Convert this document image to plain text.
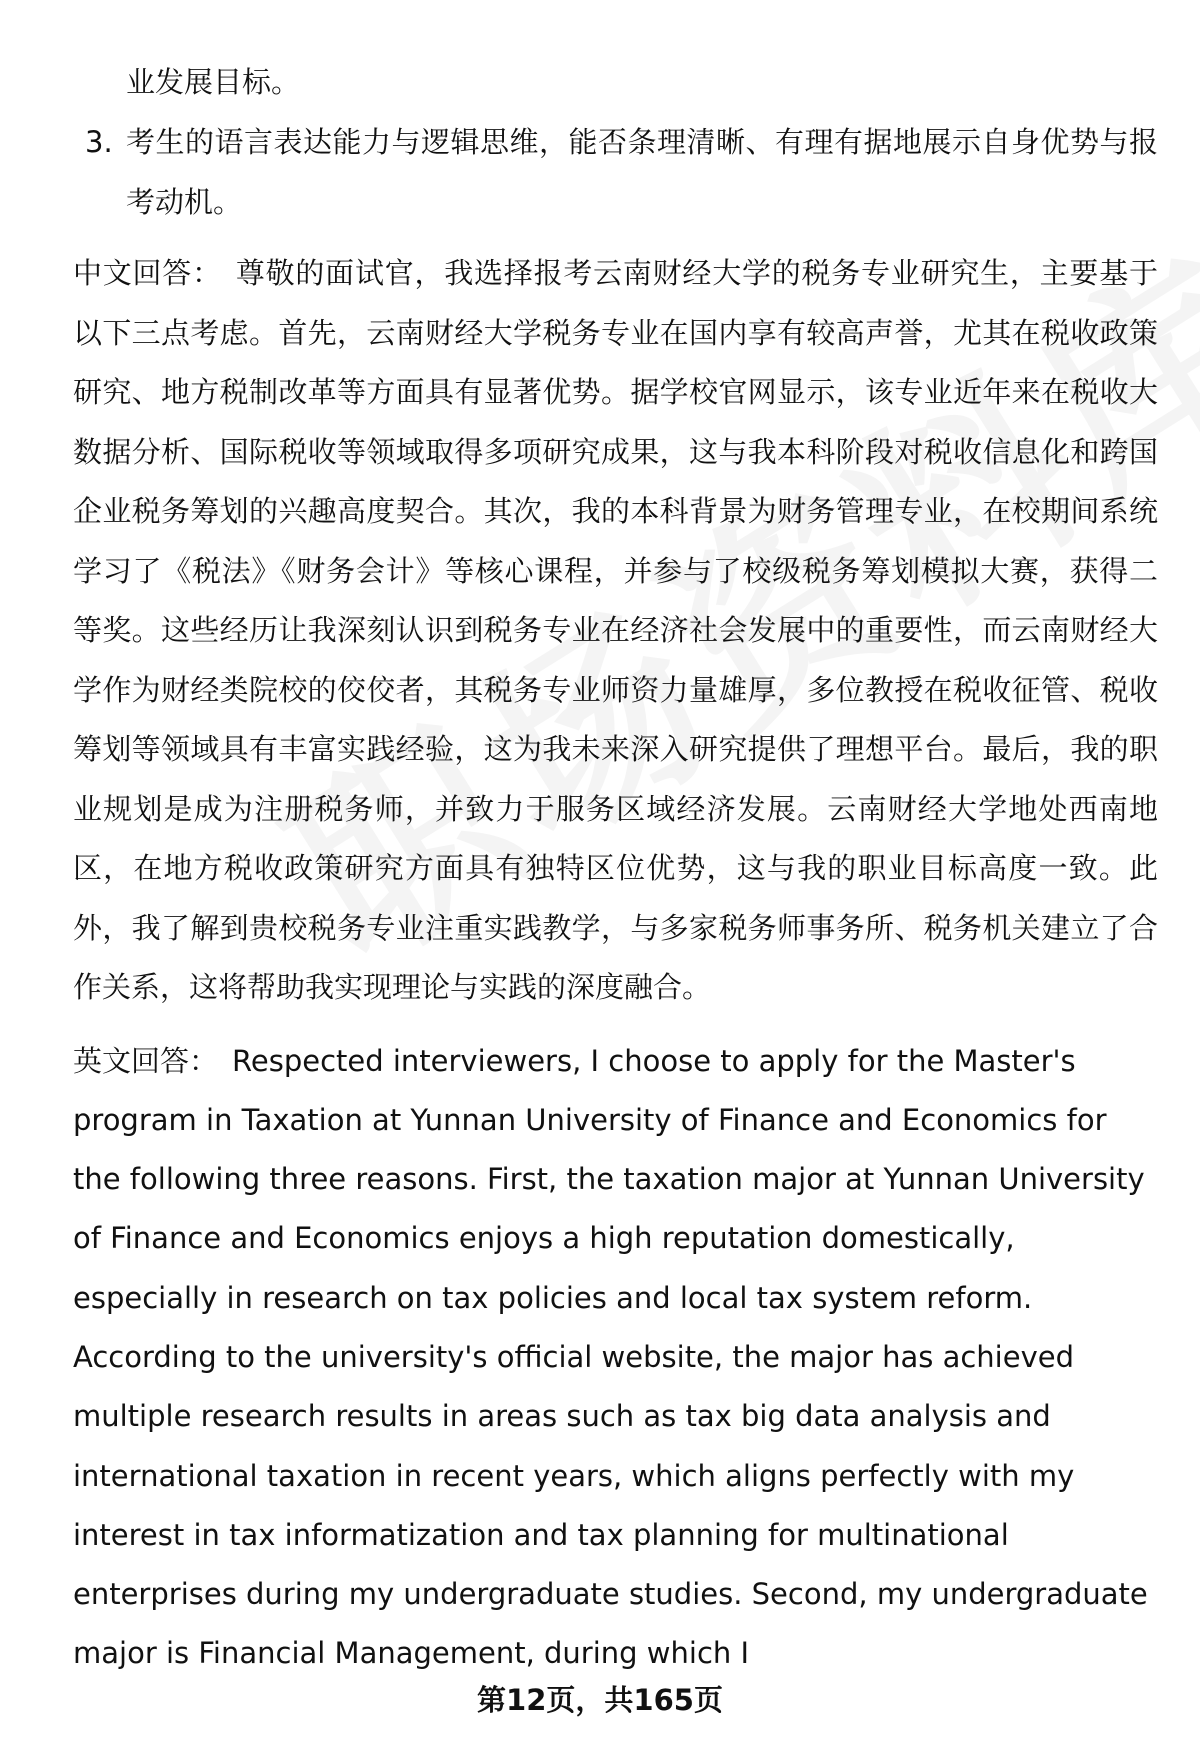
业发展目标。
3. 考生的语言表达能力与逻辑思维，能否条理清晰、有理有据地展示自身优势与报考动机。
中文回答： 尊敬的面试官，我选择报考云南财经大学的税务专业研究生，主要基于以下三点考虑。首先，云南财经大学税务专业在国内享有较高声誉，尤其在税收政策研究、地方税制改革等方面具有显著优势。据学校官网显示，该专业近年来在税收大数据分析、国际税收等领域取得多项研究成果，这与我本科阶段对税收信息化和跨国企业税务筹划的兴趣高度契合。其次，我的本科背景为财务管理专业，在校期间系统学习了《税法》《财务会计》等核心课程，并参与了校级税务筹划模拟大赛，获得二等奖。这些经历让我深刻认识到税务专业在经济社会发展中的重要性，而云南财经大学作为财经类院校的佼佼者，其税务专业师资力量雄厚，多位教授在税收征管、税收筹划等领域具有丰富实践经验，这为我未来深入研究提供了理想平台。最后，我的职业规划是成为注册税务师，并致力于服务区域经济发展。云南财经大学地处西南地区，在地方税收政策研究方面具有独特区位优势，这与我的职业目标高度一致。此外，我了解到贵校税务专业注重实践教学，与多家税务师事务所、税务机关建立了合作关系，这将帮助我实现理论与实践的深度融合。
英文回答： Respected interviewers, I choose to apply for the Master's program in Taxation at Yunnan University of Finance and Economics for the following three reasons. First, the taxation major at Yunnan University of Finance and Economics enjoys a high reputation domestically, especially in research on tax policies and local tax system reform. According to the university's official website, the major has achieved multiple research results in areas such as tax big data analysis and international taxation in recent years, which aligns perfectly with my interest in tax informatization and tax planning for multinational enterprises during my undergraduate studies. Second, my undergraduate major is Financial Management, during which I
第12页，共165页
